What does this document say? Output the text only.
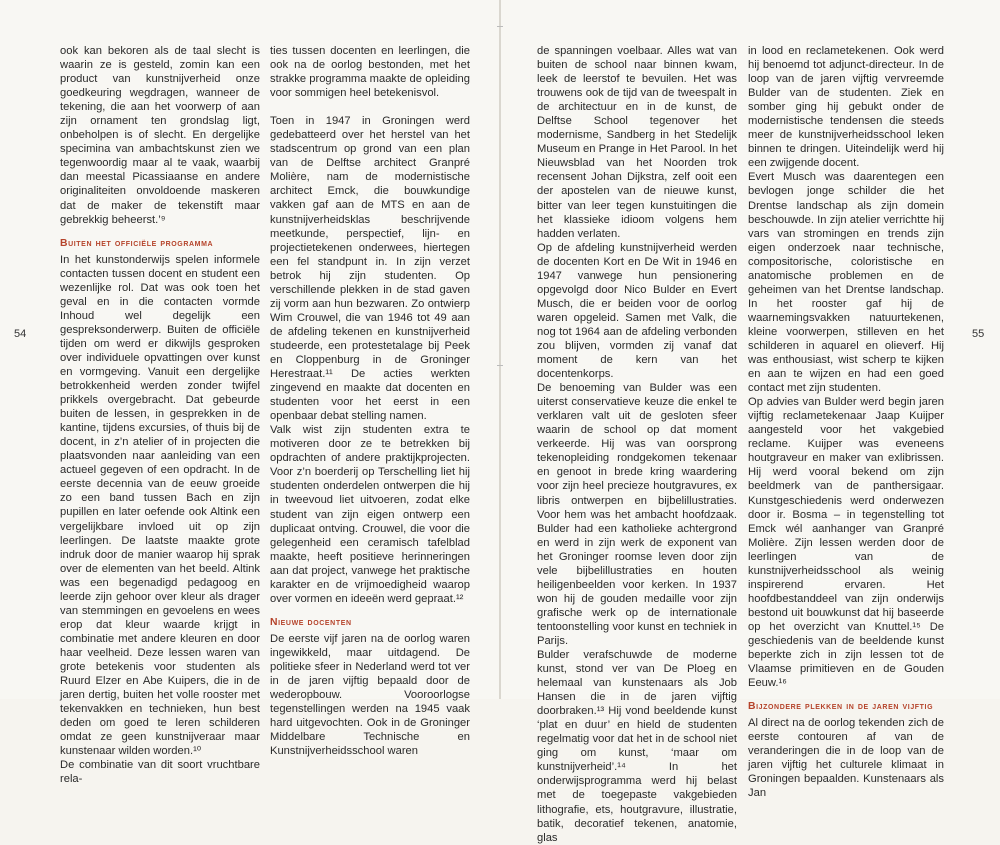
ook kan bekoren als de taal slecht is waarin ze is gesteld, zomin kan een product van kunstnijverheid onze goedkeuring wegdragen, wanneer de tekening, die aan het voorwerp of aan zijn ornament ten grondslag ligt, onbeholpen is of slecht. En dergelijke specimina van ambachtskunst zien we tegenwoordig maar al te vaak, waarbij dan meestal Picassiaanse en andere originaliteiten onvoldoende maskeren dat de maker de tekenstift maar gebrekkig beheerst.’⁹

Buiten het officiële programma

In het kunstonderwijs spelen informele contacten tussen docent en student een wezenlijke rol. Dat was ook toen het geval en in die contacten vormde Inhoud wel degelijk een gespreksonderwerp. Buiten de officiële tijden om werd er dikwijls gesproken over individuele opvattingen over kunst en vormgeving. Vanuit een dergelijke betrokkenheid werden zonder twijfel prikkels overgebracht. Dat gebeurde buiten de lessen, in gesprekken in de kantine, tijdens excursies, of thuis bij de docent, in z’n atelier of in projecten die plaatsvonden naar aanleiding van een actueel gegeven of een opdracht. In de eerste decennia van de eeuw groeide zo een band tussen Bach en zijn pupillen en later oefende ook Altink een vergelijkbare invloed uit op zijn leerlingen. De laatste maakte grote indruk door de manier waarop hij sprak over de elementen van het beeld. Altink was een begenadigd pedagoog en leerde zijn gehoor over kleur als drager van stemmingen en gevoelens en wees erop dat kleur waarde krijgt in combinatie met andere kleuren en door haar veelheid. Deze lessen waren van grote betekenis voor studenten als Ruurd Elzer en Abe Kuipers, die in de jaren dertig, buiten het volle rooster met tekenvakken en technieken, hun best deden om goed te leren schilderen omdat ze geen kunstnijveraar maar kunstenaar wilden worden.¹⁰

De combinatie van dit soort vruchtbare rela-

ties tussen docenten en leerlingen, die ook na de oorlog bestonden, met het strakke programma maakte de opleiding voor sommigen heel betekenisvol.

Toen in 1947 in Groningen werd gedebatteerd over het herstel van het stadscentrum op grond van een plan van de Delftse architect Granpré Molière, nam de modernistische architect Emck, die bouwkundige vakken gaf aan de MTS en aan de kunstnijverheidsklas beschrijvende meetkunde, perspectief, lijn- en projectietekenen onderwees, hiertegen een fel standpunt in. In zijn verzet betrok hij zijn studenten. Op verschillende plekken in de stad gaven zij vorm aan hun bezwaren. Zo ontwierp Wim Crouwel, die van 1946 tot 49 aan de afdeling tekenen en kunstnijverheid studeerde, een protestetalage bij Peek en Cloppenburg in de Groninger Herestraat.¹¹ De acties werkten zingevend en maakte dat docenten en studenten voor het eerst in een openbaar debat stelling namen.

Valk wist zijn studenten extra te motiveren door ze te betrekken bij opdrachten of andere praktijkprojecten. Voor z’n boerderij op Terschelling liet hij studenten onderdelen ontwerpen die hij in tweevoud liet uitvoeren, zodat elke student van zijn eigen ontwerp een duplicaat ontving. Crouwel, die voor die gelegenheid een ceramisch tafelblad maakte, heeft positieve herinneringen aan dat project, vanwege het praktische karakter en de vrijmoedigheid waarop over vormen en ideeën werd gepraat.¹²

Nieuwe docenten

De eerste vijf jaren na de oorlog waren ingewikkeld, maar uitdagend. De politieke sfeer in Nederland werd tot ver in de jaren vijftig bepaald door de wederopbouw. Vooroorlogse tegenstellingen werden na 1945 vaak hard uitgevochten. Ook in de Groninger Middelbare Technische en Kunstnijverheidsschool waren

de spanningen voelbaar. Alles wat van buiten de school naar binnen kwam, leek de leerstof te bevuilen. Het was trouwens ook de tijd van de tweespalt in de architectuur en in de kunst, de Delftse School tegenover het modernisme, Sandberg in het Stedelijk Museum en Prange in Het Parool. In het Nieuwsblad van het Noorden trok recensent Johan Dijkstra, zelf ooit een der apostelen van de nieuwe kunst, bitter van leer tegen kunstuitingen die het klassieke idioom volgens hem hadden verlaten.

Op de afdeling kunstnijverheid werden de docenten Kort en De Wit in 1946 en 1947 vanwege hun pensionering opgevolgd door Nico Bulder en Evert Musch, die er beiden voor de oorlog waren opgeleid. Samen met Valk, die nog tot 1964 aan de afdeling verbonden zou blijven, vormden zij vanaf dat moment de kern van het docentenkorps.

De benoeming van Bulder was een uiterst conservatieve keuze die enkel te verklaren valt uit de gesloten sfeer waarin de school op dat moment verkeerde. Hij was van oorsprong tekenopleiding rondgekomen tekenaar en genoot in brede kring waardering voor zijn heel precieze houtgravures, ex libris ontwerpen en bijbelillustraties. Voor hem was het ambacht hoofdzaak. Bulder had een katholieke achtergrond en werd in zijn werk de exponent van het Groninger roomse leven door zijn vele bijbelillustraties en houten heiligenbeelden voor kerken. In 1937 won hij de gouden medaille voor zijn grafische werk op de internationale tentoonstelling voor kunst en techniek in Parijs.

Bulder verafschuwde de moderne kunst, stond ver van De Ploeg en helemaal van kunstenaars als Job Hansen die in de jaren vijftig doorbraken.¹³ Hij vond beeldende kunst ‘plat en duur’ en hield de studenten regelmatig voor dat het in de school niet ging om kunst, ‘maar om kunstnijverheid’.¹⁴ In het onderwijsprogramma werd hij belast met de toegepaste vakgebieden lithografie, ets, houtgravure, illustratie, batik, decoratief tekenen, anatomie, glas

in lood en reclametekenen. Ook werd hij benoemd tot adjunct-directeur. In de loop van de jaren vijftig vervreemde Bulder van de studenten. Ziek en somber ging hij gebukt onder de modernistische tendensen die steeds meer de kunstnijverheidsschool leken binnen te dringen. Uiteindelijk werd hij een zwijgende docent.

Evert Musch was daarentegen een bevlogen jonge schilder die het Drentse landschap als zijn domein beschouwde. In zijn atelier verrichtte hij vars van stromingen en trends zijn eigen onderzoek naar technische, compositorische, coloristische en anatomische problemen en de geheimen van het Drentse landschap. In het rooster gaf hij de waarnemingsvakken natuurtekenen, kleine voorwerpen, stilleven en het schilderen in aquarel en olieverf. Hij was enthousiast, wist scherp te kijken en aan te wijzen en had een goed contact met zijn studenten.

Op advies van Bulder werd begin jaren vijftig reclametekenaar Jaap Kuijper aangesteld voor het vakgebied reclame. Kuijper was eveneens houtgraveur en maker van exlibrissen. Hij werd vooral bekend om zijn beeldmerk van de panthersigaar. Kunstgeschiedenis werd onderwezen door ir. Bosma – in tegenstelling tot Emck wél aanhanger van Granpré Molière. Zijn lessen werden door de leerlingen van de kunstnijverheidsschool als weinig inspirerend ervaren. Het hoofdbestanddeel van zijn onderwijs bestond uit bouwkunst dat hij baseerde op het overzicht van Knuttel.¹⁵ De geschiedenis van de beeldende kunst beperkte zich in zijn lessen tot de Vlaamse primitieven en de Gouden Eeuw.¹⁶

Bijzondere plekken in de jaren vijftig

Al direct na de oorlog tekenden zich de eerste contouren af van de veranderingen die in de loop van de jaren vijftig het culturele klimaat in Groningen bepaalden. Kunstenaars als Jan

54	55
